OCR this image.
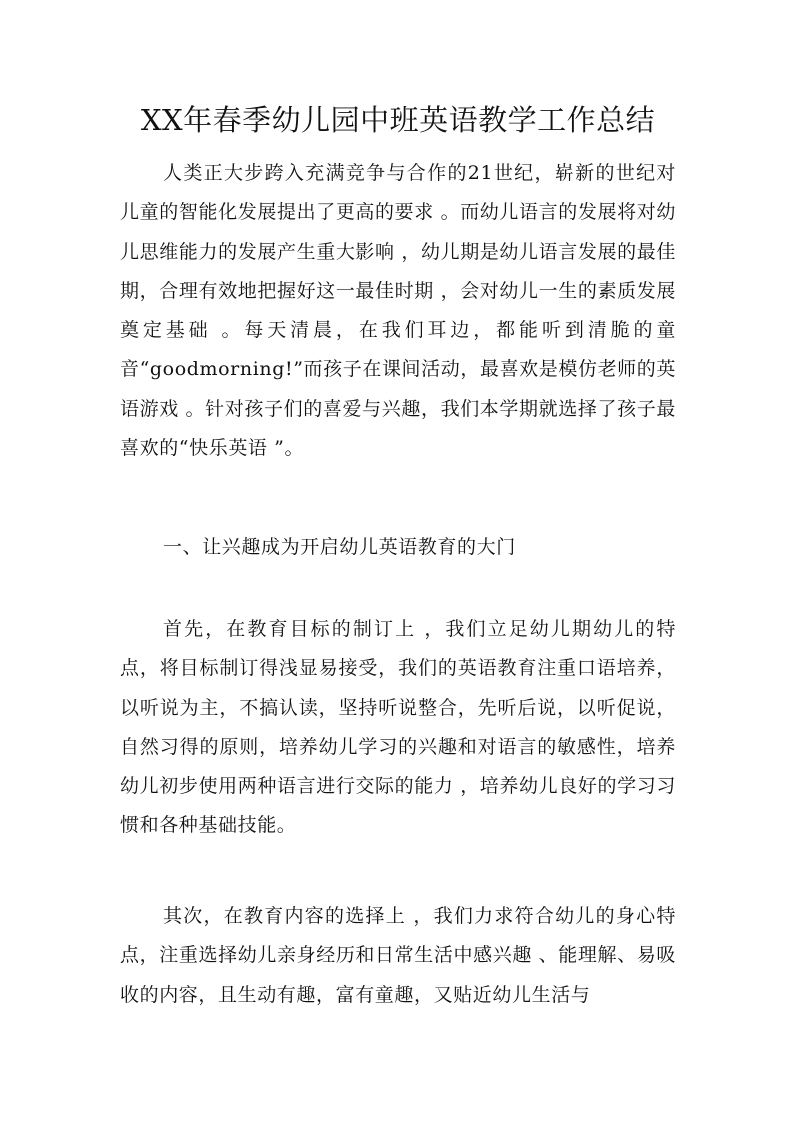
XX年春季幼儿园中班英语教学工作总结

人类正大步跨入充满竞争与合作的21世纪，崭新的世纪对儿童的智能化发展提出了更高的要求 。而幼儿语言的发展将对幼儿思维能力的发展产生重大影响 ，幼儿期是幼儿语言发展的最佳期，合理有效地把握好这一最佳时期 ，会对幼儿一生的素质发展奠定基础 。每天清晨，在我们耳边，都能听到清脆的童音“goodmorning!”而孩子在课间活动，最喜欢是模仿老师的英语游戏 。针对孩子们的喜爱与兴趣，我们本学期就选择了孩子最喜欢的“快乐英语 ”。

一、让兴趣成为开启幼儿英语教育的大门

首先，在教育目标的制订上 ，我们立足幼儿期幼儿的特点，将目标制订得浅显易接受，我们的英语教育注重口语培养，以听说为主，不搞认读，坚持听说整合，先听后说，以听促说，自然习得的原则，培养幼儿学习的兴趣和对语言的敏感性，培养幼儿初步使用两种语言进行交际的能力 ，培养幼儿良好的学习习惯和各种基础技能。

其次，在教育内容的选择上 ，我们力求符合幼儿的身心特点，注重选择幼儿亲身经历和日常生活中感兴趣 、能理解、易吸收的内容，且生动有趣，富有童趣，又贴近幼儿生活与
